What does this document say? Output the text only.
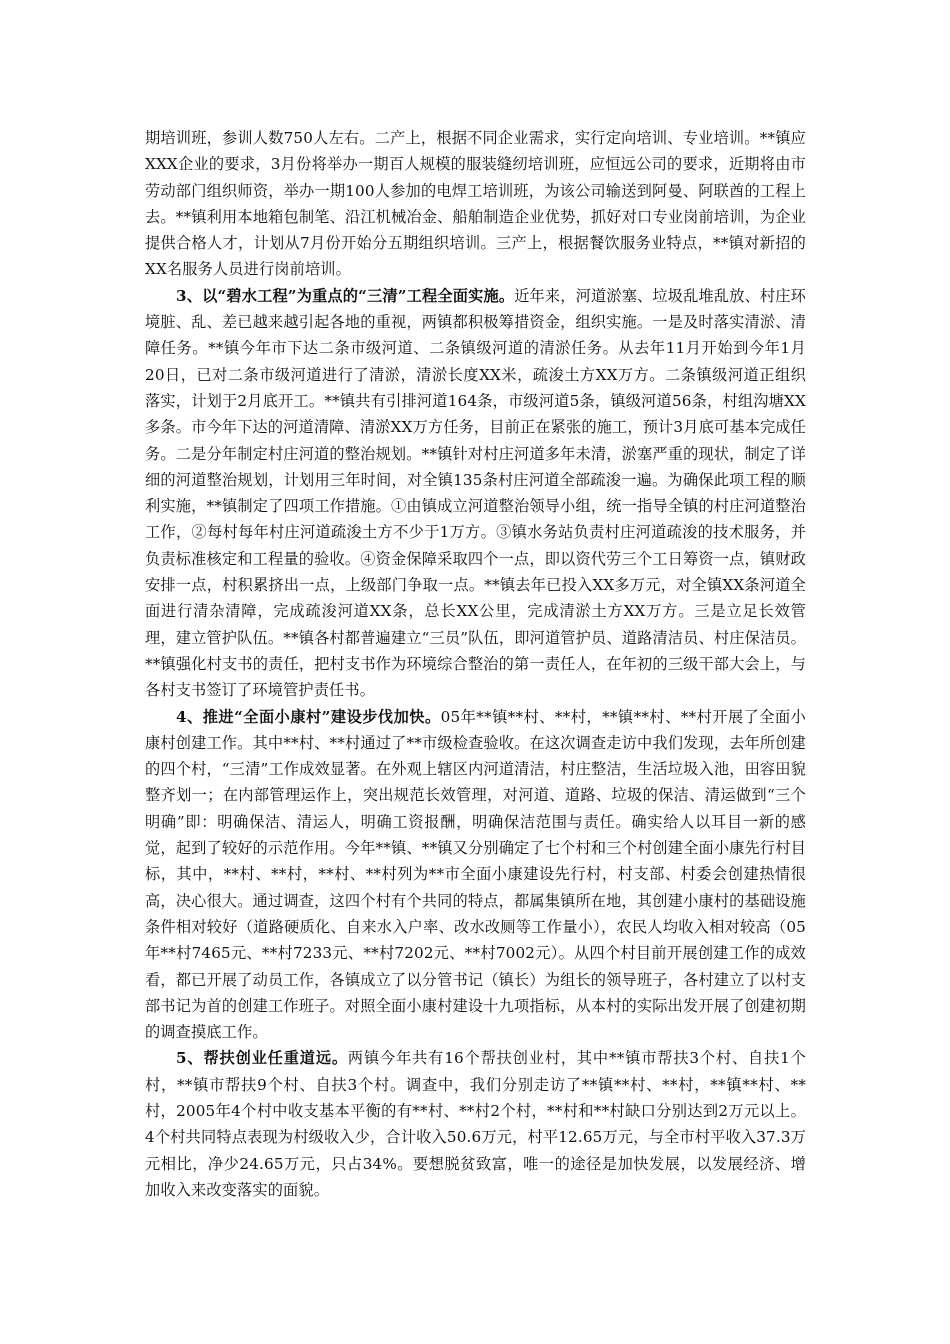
期培训班，参训人数750人左右。二产上，根据不同企业需求，实行定向培训、专业培训。**镇应XXX企业的要求，3月份将举办一期百人规模的服装缝纫培训班，应恒远公司的要求，近期将由市劳动部门组织师资，举办一期100人参加的电焊工培训班，为该公司输送到阿曼、阿联酋的工程上去。**镇利用本地箱包制笔、沿江机械冶金、船舶制造企业优势，抓好对口专业岗前培训，为企业提供合格人才，计划从7月份开始分五期组织培训。三产上，根据餐饮服务业特点，**镇对新招的XX名服务人员进行岗前培训。

3、以“碧水工程”为重点的“三清”工程全面实施。近年来，河道淤塞、垃圾乱堆乱放、村庄环境脏、乱、差已越来越引起各地的重视，两镇都积极筹措资金，组织实施。一是及时落实清淤、清障任务。**镇今年市下达二条市级河道、二条镇级河道的清淤任务。从去年11月开始到今年1月20日，已对二条市级河道进行了清淤，清淤长度XX米，疏浚土方XX万方。二条镇级河道正组织落实，计划于2月底开工。**镇共有引排河道164条，市级河道5条，镇级河道56条，村组沟塘XX多条。市今年下达的河道清障、清淤XX万方任务，目前正在紧张的施工，预计3月底可基本完成任务。二是分年制定村庄河道的整治规划。**镇针对村庄河道多年未清，淤塞严重的现状，制定了详细的河道整治规划，计划用三年时间，对全镇135条村庄河道全部疏浚一遍。为确保此项工程的顺利实施，**镇制定了四项工作措施。①由镇成立河道整治领导小组，统一指导全镇的村庄河道整治工作，②每村每年村庄河道疏浚土方不少于1万方。③镇水务站负责村庄河道疏浚的技术服务，并负责标准核定和工程量的验收。④资金保障采取四个一点，即以资代劳三个工日筹资一点，镇财政安排一点，村积累挤出一点，上级部门争取一点。**镇去年已投入XX多万元，对全镇XX条河道全面进行清杂清障，完成疏浚河道XX条，总长XX公里，完成清淤土方XX万方。三是立足长效管理，建立管护队伍。**镇各村都普遍建立“三员”队伍，即河道管护员、道路清洁员、村庄保洁员。**镇强化村支书的责任，把村支书作为环境综合整治的第一责任人，在年初的三级干部大会上，与各村支书签订了环境管护责任书。

4、推进“全面小康村”建设步伐加快。05年**镇**村、**村，**镇**村、**村开展了全面小康村创建工作。其中**村、**村通过了**市级检查验收。在这次调查走访中我们发现，去年所创建的四个村，“三清”工作成效显著。在外观上辖区内河道清洁，村庄整洁，生活垃圾入池，田容田貌整齐划一；在内部管理运作上，突出规范长效管理，对河道、道路、垃圾的保洁、清运做到“三个明确”即：明确保洁、清运人，明确工资报酬，明确保洁范围与责任。确实给人以耳目一新的感觉，起到了较好的示范作用。今年**镇、**镇又分别确定了七个村和三个村创建全面小康先行村目标，其中，**村、**村，**村、**村列为**市全面小康建设先行村，村支部、村委会创建热情很高，决心很大。通过调查，这四个村有个共同的特点，都属集镇所在地，其创建小康村的基础设施条件相对较好（道路硬质化、自来水入户率、改水改厕等工作量小），农民人均收入相对较高（05年**村7465元、**村7233元、**村7202元、**村7002元）。从四个村目前开展创建工作的成效看，都已开展了动员工作，各镇成立了以分管书记（镇长）为组长的领导班子，各村建立了以村支部书记为首的创建工作班子。对照全面小康村建设十九项指标，从本村的实际出发开展了创建初期的调查摸底工作。

5、帮扶创业任重道远。两镇今年共有16个帮扶创业村，其中**镇市帮扶3个村、自扶1个村，**镇市帮扶9个村、自扶3个村。调查中，我们分别走访了**镇**村、**村，**镇**村、**村，2005年4个村中收支基本平衡的有**村、**村2个村，**村和**村缺口分别达到2万元以上。4个村共同特点表现为村级收入少，合计收入50.6万元，村平12.65万元，与全市村平收入37.3万元相比，净少24.65万元，只占34%。要想脱贫致富，唯一的途径是加快发展，以发展经济、增加收入来改变落实的面貌。
